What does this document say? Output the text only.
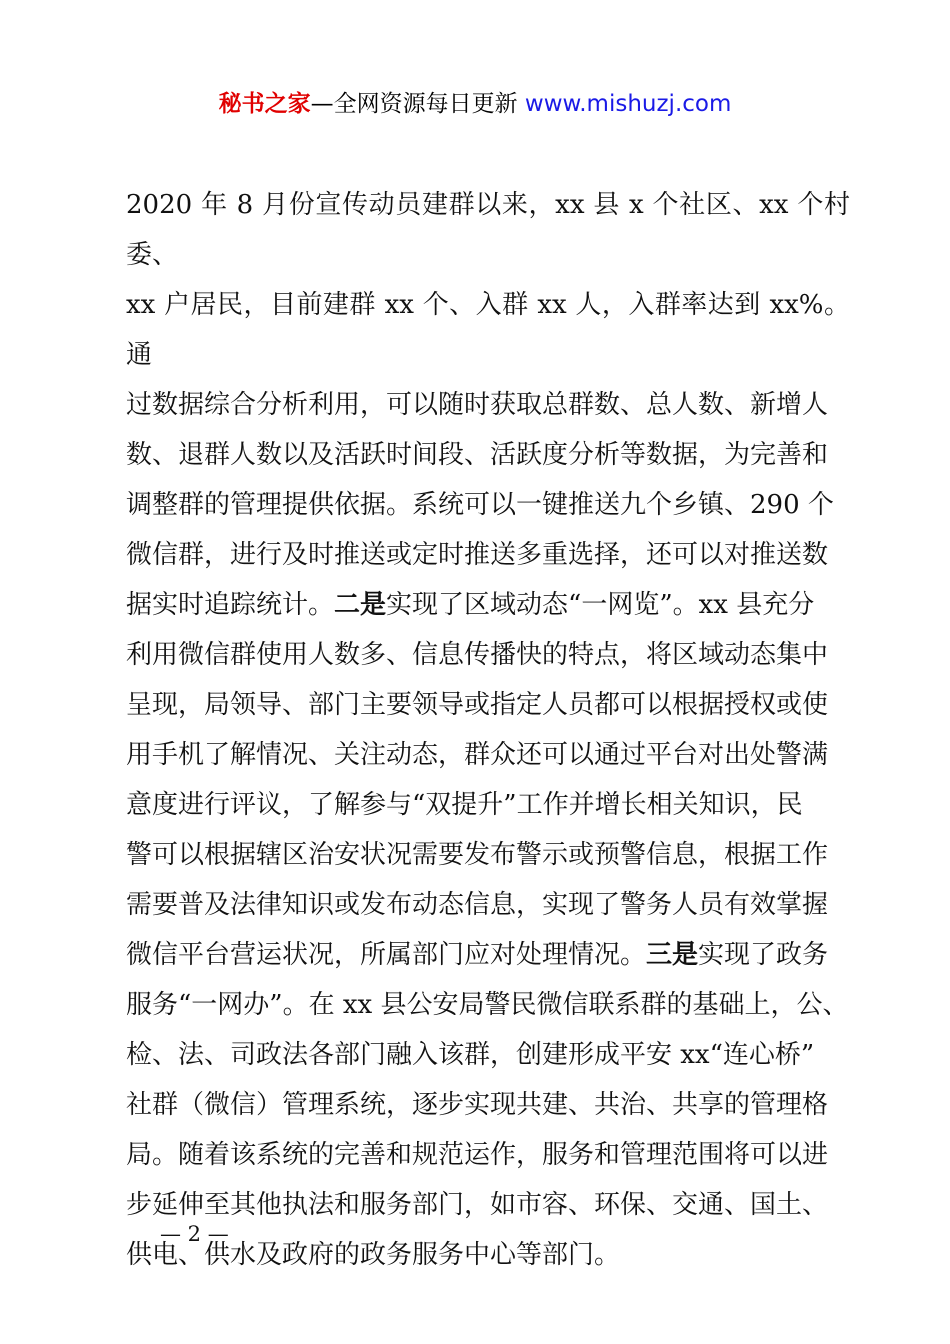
秘书之家—全网资源每日更新 www.mishuzj.com
2020 年 8 月份宣传动员建群以来，xx 县 x 个社区、xx 个村委、
xx 户居民，目前建群 xx 个、入群 xx 人，入群率达到 xx%。通
过数据综合分析利用，可以随时获取总群数、总人数、新增人
数、退群人数以及活跃时间段、活跃度分析等数据，为完善和
调整群的管理提供依据。系统可以一键推送九个乡镇、290 个
微信群，进行及时推送或定时推送多重选择，还可以对推送数
据实时追踪统计。二是实现了区域动态“一网览”。xx 县充分
利用微信群使用人数多、信息传播快的特点，将区域动态集中
呈现，局领导、部门主要领导或指定人员都可以根据授权或使
用手机了解情况、关注动态，群众还可以通过平台对出处警满
意度进行评议，了解参与“双提升”工作并增长相关知识，民
警可以根据辖区治安状况需要发布警示或预警信息，根据工作
需要普及法律知识或发布动态信息，实现了警务人员有效掌握
微信平台营运状况，所属部门应对处理情况。三是实现了政务
服务“一网办”。在 xx 县公安局警民微信联系群的基础上，公、
检、法、司政法各部门融入该群，创建形成平安 xx“连心桥”
社群（微信）管理系统，逐步实现共建、共治、共享的管理格
局。随着该系统的完善和规范运作，服务和管理范围将可以进
步延伸至其他执法和服务部门，如市容、环保、交通、国土、
供电、供水及政府的政务服务中心等部门。
— 2 —
